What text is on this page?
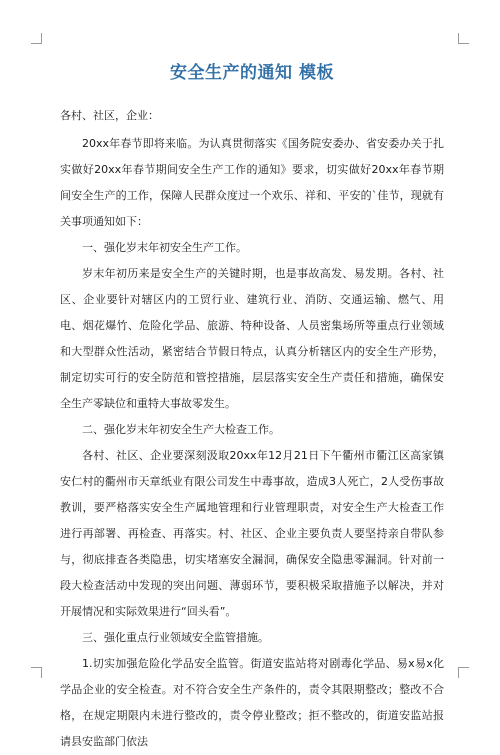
安全生产的通知 模板

各村、社区，企业：

20xx年春节即将来临。为认真贯彻落实《国务院安委办、省安委办关于扎实做好20xx年春节期间安全生产工作的通知》要求，切实做好20xx年春节期间安全生产的工作，保障人民群众度过一个欢乐、祥和、平安的`佳节，现就有关事项通知如下：

一、强化岁末年初安全生产工作。

岁末年初历来是安全生产的关键时期，也是事故高发、易发期。各村、社区、企业要针对辖区内的工贸行业、建筑行业、消防、交通运输、燃气、用电、烟花爆竹、危险化学品、旅游、特种设备、人员密集场所等重点行业领域和大型群众性活动，紧密结合节假日特点，认真分析辖区内的安全生产形势，制定切实可行的安全防范和管控措施，层层落实安全生产责任和措施，确保安全生产零缺位和重特大事故零发生。

二、强化岁末年初安全生产大检查工作。

各村、社区、企业要深刻汲取20xx年12月21日下午衢州市衢江区高家镇安仁村的衢州市天章纸业有限公司发生中毒事故，造成3人死亡，2人受伤事故教训，要严格落实安全生产属地管理和行业管理职责，对安全生产大检查工作进行再部署、再检查、再落实。村、社区、企业主要负责人要坚持亲自带队参与，彻底排查各类隐患，切实堵塞安全漏洞，确保安全隐患零漏洞。针对前一段大检查活动中发现的突出问题、薄弱环节，要积极采取措施予以解决，并对开展情况和实际效果进行“回头看”。

三、强化重点行业领域安全监管措施。

1.切实加强危险化学品安全监管。街道安监站将对剧毒化学品、易x易x化学品企业的安全检查。对不符合安全生产条件的，责令其限期整改；整改不合格，在规定期限内未进行整改的，责令停业整改；拒不整改的，街道安监站报请县安监部门依法
